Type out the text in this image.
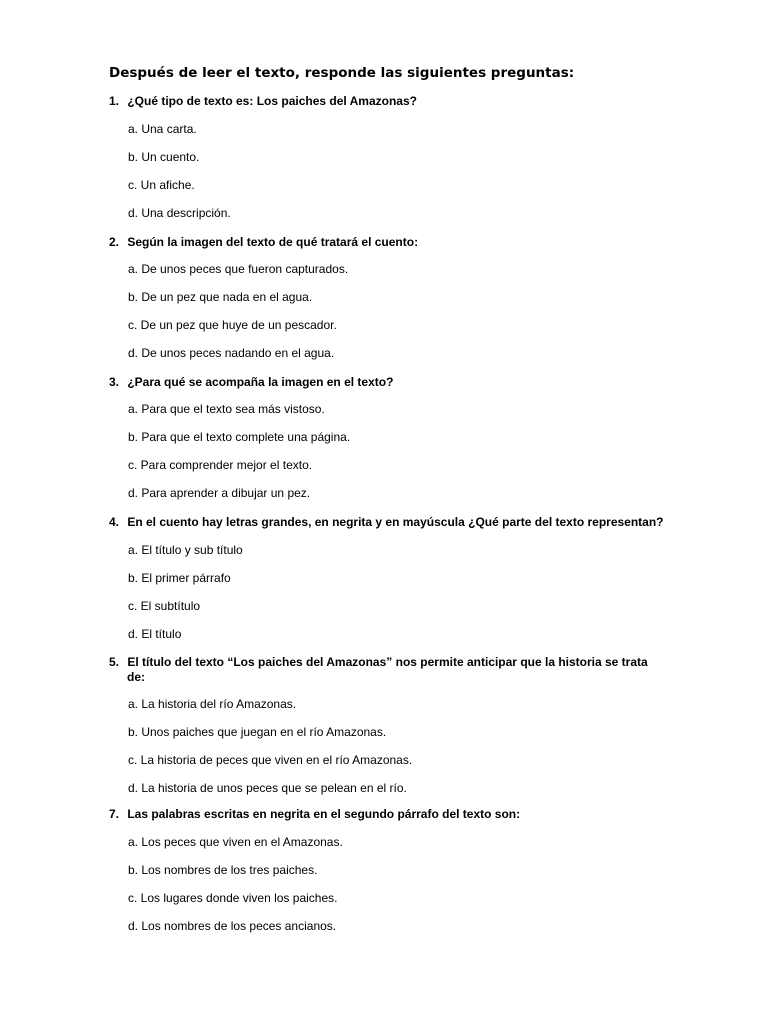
Después de leer el texto, responde las siguientes preguntas:
1. ¿Qué tipo de texto es: Los paiches del Amazonas?
a. Una carta.
b. Un cuento.
c. Un afiche.
d. Una descripción.
2. Según la imagen del texto de qué tratará el cuento:
a. De unos peces que fueron capturados.
b. De un pez que nada en el agua.
c. De un pez que huye de un pescador.
d. De unos peces nadando en el agua.
3. ¿Para qué se acompaña la imagen en el texto?
a. Para que el texto sea más vistoso.
b. Para que el texto complete una página.
c. Para comprender mejor el texto.
d. Para aprender a dibujar un pez.
4. En el cuento hay letras grandes, en negrita y en mayúscula ¿Qué parte del texto representan?
a. El título y sub título
b. El primer párrafo
c. El subtítulo
d. El título
5. El título del texto “Los paiches del Amazonas” nos permite anticipar que la historia se trata
de:
a. La historia del río Amazonas.
b. Unos paiches que juegan en el río Amazonas.
c. La historia de peces que viven en el río Amazonas.
d. La historia de unos peces que se pelean en el río.
7. Las palabras escritas en negrita en el segundo párrafo del texto son:
a. Los peces que viven en el Amazonas.
b. Los nombres de los tres paiches.
c. Los lugares donde viven los paiches.
d. Los nombres de los peces ancianos.
